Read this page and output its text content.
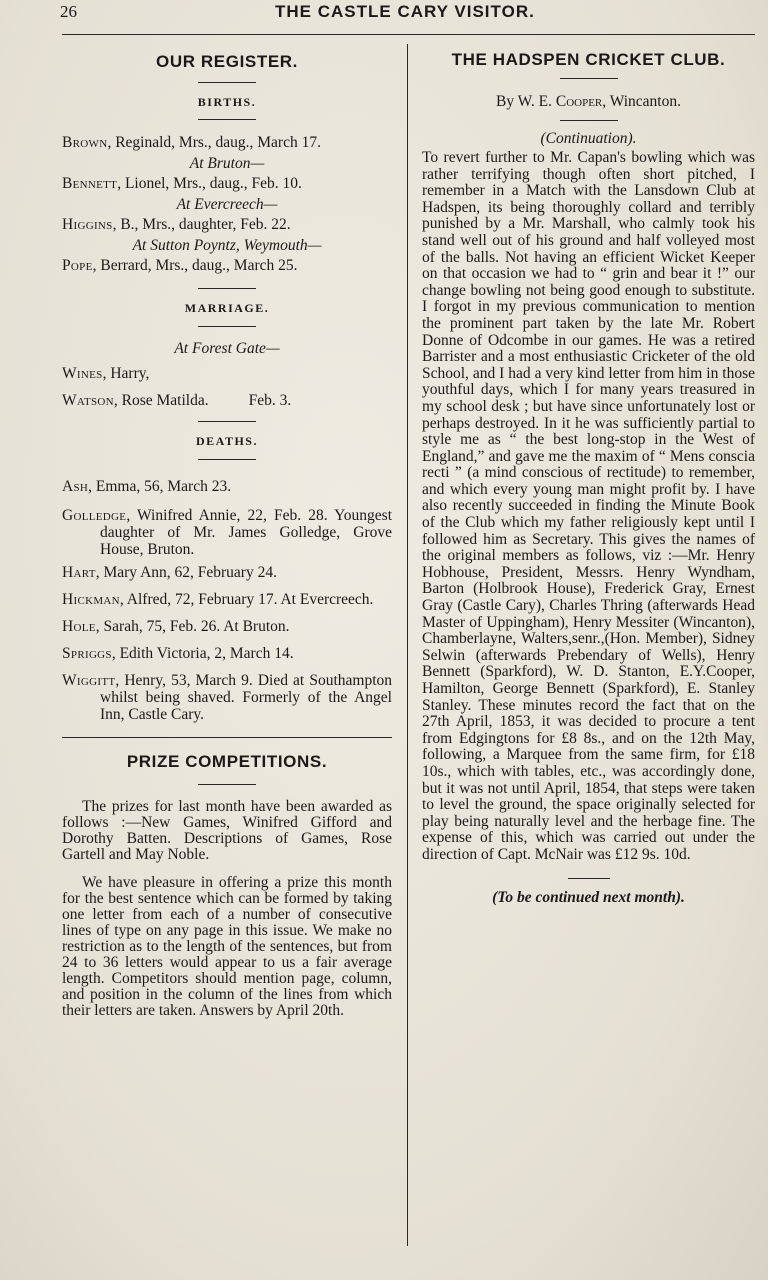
26	THE CASTLE CARY VISITOR.
OUR REGISTER.

BIRTHS.

Brown, Reginald, Mrs., daug., March 17.

At Bruton—

Bennett, Lionel, Mrs., daug., Feb. 10.

At Evercreech—

Higgins, B., Mrs., daughter, Feb. 22.

At Sutton Poyntz, Weymouth—

Pope, Berrard, Mrs., daug., March 25.

MARRIAGE.

At Forest Gate—

Wines, Harry,

Watson, Rose Matilda.	Feb. 3.

DEATHS.

Ash, Emma, 56, March 23.

Golledge, Winifred Annie, 22, Feb. 28. Youngest daughter of Mr. James Golledge, Grove House, Bruton.

Hart, Mary Ann, 62, February 24.

Hickman, Alfred, 72, February 17. At Evercreech.

Hole, Sarah, 75, Feb. 26. At Bruton.

Spriggs, Edith Victoria, 2, March 14.

Wiggitt, Henry, 53, March 9. Died at Southampton whilst being shaved. Formerly of the Angel Inn, Castle Cary.

PRIZE COMPETITIONS.

The prizes for last month have been awarded as follows :—New Games, Winifred Gifford and Dorothy Batten. Descriptions of Games, Rose Gartell and May Noble.

We have pleasure in offering a prize this month for the best sentence which can be formed by taking one letter from each of a number of consecutive lines of type on any page in this issue. We make no restriction as to the length of the sentences, but from 24 to 36 letters would appear to us a fair average length. Competitors should mention page, column, and position in the column of the lines from which their letters are taken. Answers by April 20th.

THE HADSPEN CRICKET CLUB.

By W. E. Cooper, Wincanton.

(Continuation).

To revert further to Mr. Capan's bowling which was rather terrifying though often short pitched, I remember in a Match with the Lansdown Club at Hadspen, its being thoroughly collard and terribly punished by a Mr. Marshall, who calmly took his stand well out of his ground and half volleyed most of the balls. Not having an efficient Wicket Keeper on that occasion we had to “ grin and bear it !” our change bowling not being good enough to substitute. I forgot in my previous communication to mention the prominent part taken by the late Mr. Robert Donne of Odcombe in our games. He was a retired Barrister and a most enthusiastic Cricketer of the old School, and I had a very kind letter from him in those youthful days, which I for many years treasured in my school desk ; but have since unfortunately lost or perhaps destroyed. In it he was sufficiently partial to style me as “ the best long-stop in the West of England,” and gave me the maxim of “ Mens conscia recti ” (a mind conscious of rectitude) to remember, and which every young man might profit by. I have also recently succeeded in finding the Minute Book of the Club which my father religiously kept until I followed him as Secretary. This gives the names of the original members as follows, viz :—Mr. Henry Hobhouse, President, Messrs. Henry Wyndham, Barton (Holbrook House), Frederick Gray, Ernest Gray (Castle Cary), Charles Thring (afterwards Head Master of Uppingham), Henry Messiter (Wincanton), Chamberlayne, Walters,senr.,(Hon. Member), Sidney Selwin (afterwards Prebendary of Wells), Henry Bennett (Sparkford), W. D. Stanton, E.Y.Cooper, Hamilton, George Bennett (Sparkford), E. Stanley Stanley. These minutes record the fact that on the 27th April, 1853, it was decided to procure a tent from Edgingtons for £8 8s., and on the 12th May, following, a Marquee from the same firm, for £18 10s., which with tables, etc., was accordingly done, but it was not until April, 1854, that steps were taken to level the ground, the space originally selected for play being naturally level and the herbage fine. The expense of this, which was carried out under the direction of Capt. McNair was £12 9s. 10d.

(To be continued next month).
